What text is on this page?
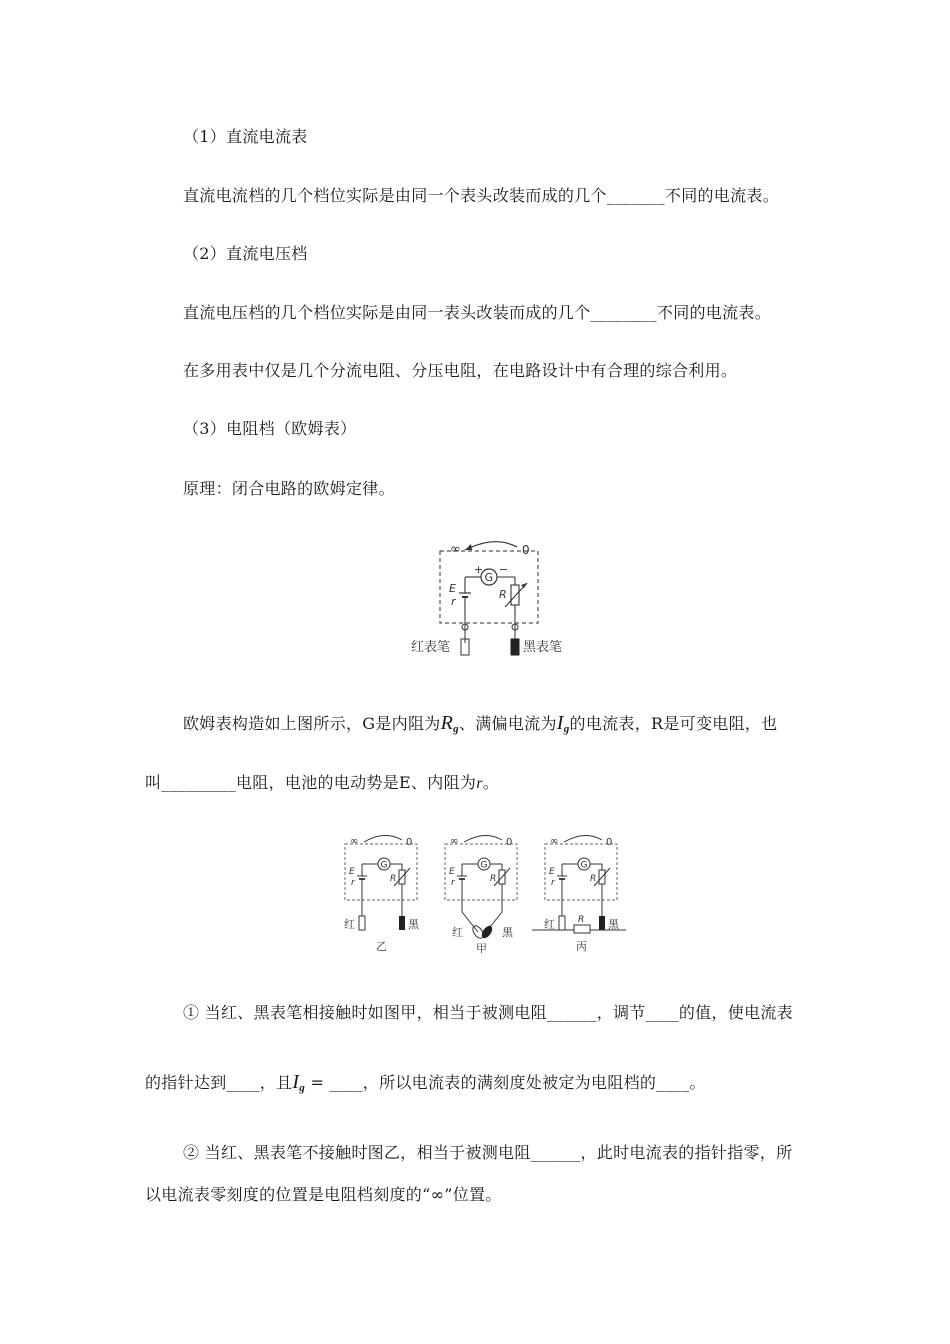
（1）直流电流表
直流电流档的几个档位实际是由同一个表头改装而成的几个_______不同的电流表。
（2）直流电压档
直流电压档的几个档位实际是由同一表头改装而成的几个________不同的电流表。
在多用表中仅是几个分流电阻、分压电阻，在电路设计中有合理的综合利用。
（3）电阻档（欧姆表）
原理：闭合电路的欧姆定律。
∞	0
G
+ −
E
r
R
红表笔	黑表笔
欧姆表构造如上图所示，G是内阻为$R_g$、满偏电流为$I_g$的电流表，R是可变电阻，也
叫_________电阻，电池的电动势是E、内阻为r。
红	黑
乙
红	黑
甲
R
红	黑
丙
① 当红、黑表笔相接触时如图甲，相当于被测电阻______，调节____的值，使电流表
的指针达到____，且$I_g$ = ____，所以电流表的满刻度处被定为电阻档的____。
② 当红、黑表笔不接触时图乙，相当于被测电阻______，此时电流表的指针指零，所
以电流表零刻度的位置是电阻档刻度的“∞”位置。
